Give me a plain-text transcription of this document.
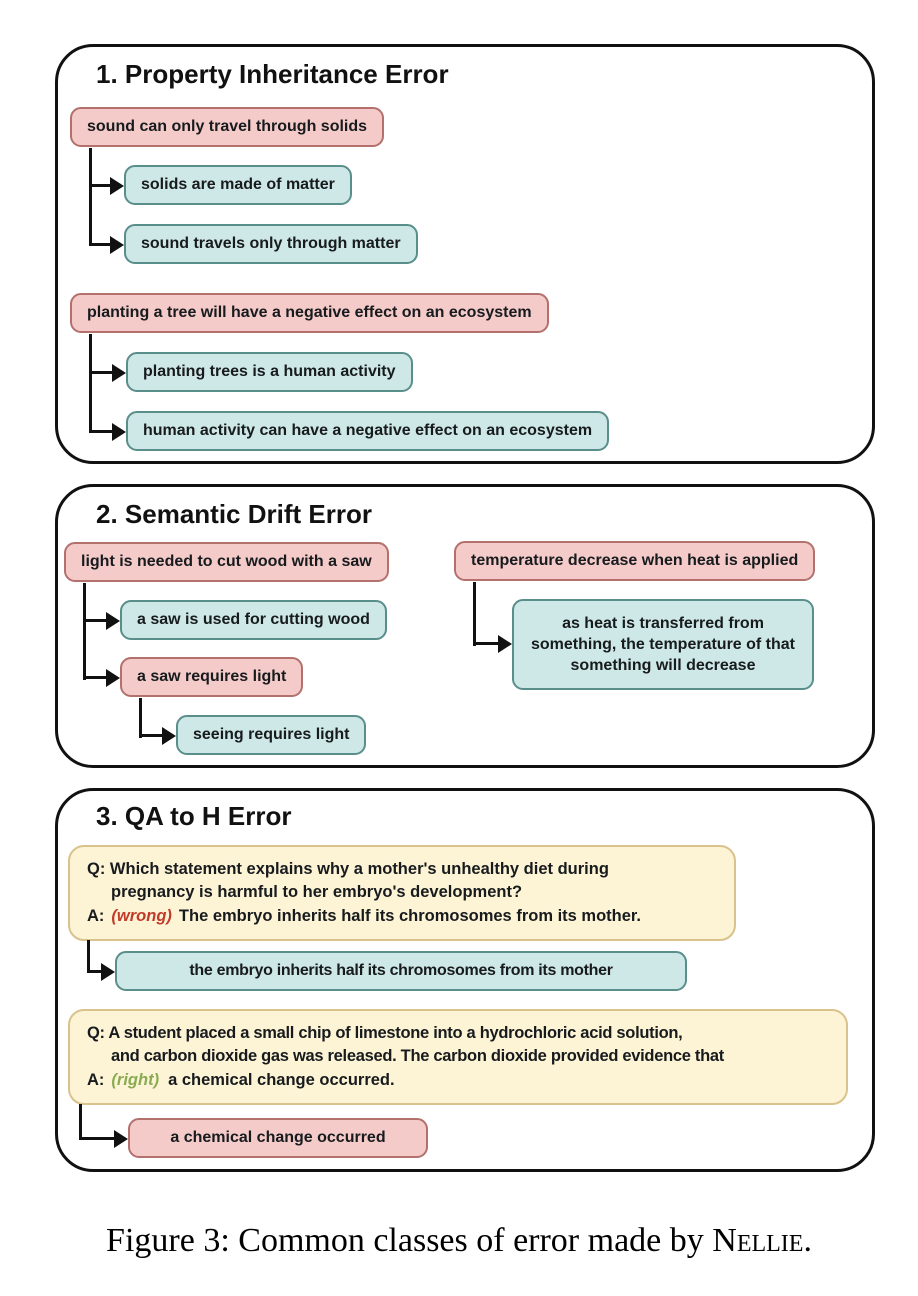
1. Property Inheritance Error
sound can only travel through solids
solids are made of matter
sound travels only through matter
planting a tree will have a negative effect on an ecosystem
planting trees is a human activity
human activity can have a negative effect on an ecosystem
2. Semantic Drift Error
light is needed to cut wood with a saw
a saw is used for cutting wood
a saw requires light
seeing requires light
temperature decrease when heat is applied
as heat is transferred from something, the temperature of that something will decrease
3. QA to H Error
Q: Which statement explains why a mother's unhealthy diet during
pregnancy is harmful to her embryo's development?
A: (wrong) The embryo inherits half its chromosomes from its mother.
the embryo inherits half its chromosomes from its mother
Q: A student placed a small chip of limestone into a hydrochloric acid solution,
and carbon dioxide gas was released. The carbon dioxide provided evidence that
A: (right) a chemical change occurred.
a chemical change occurred
Figure 3: Common classes of error made by Nellie.
